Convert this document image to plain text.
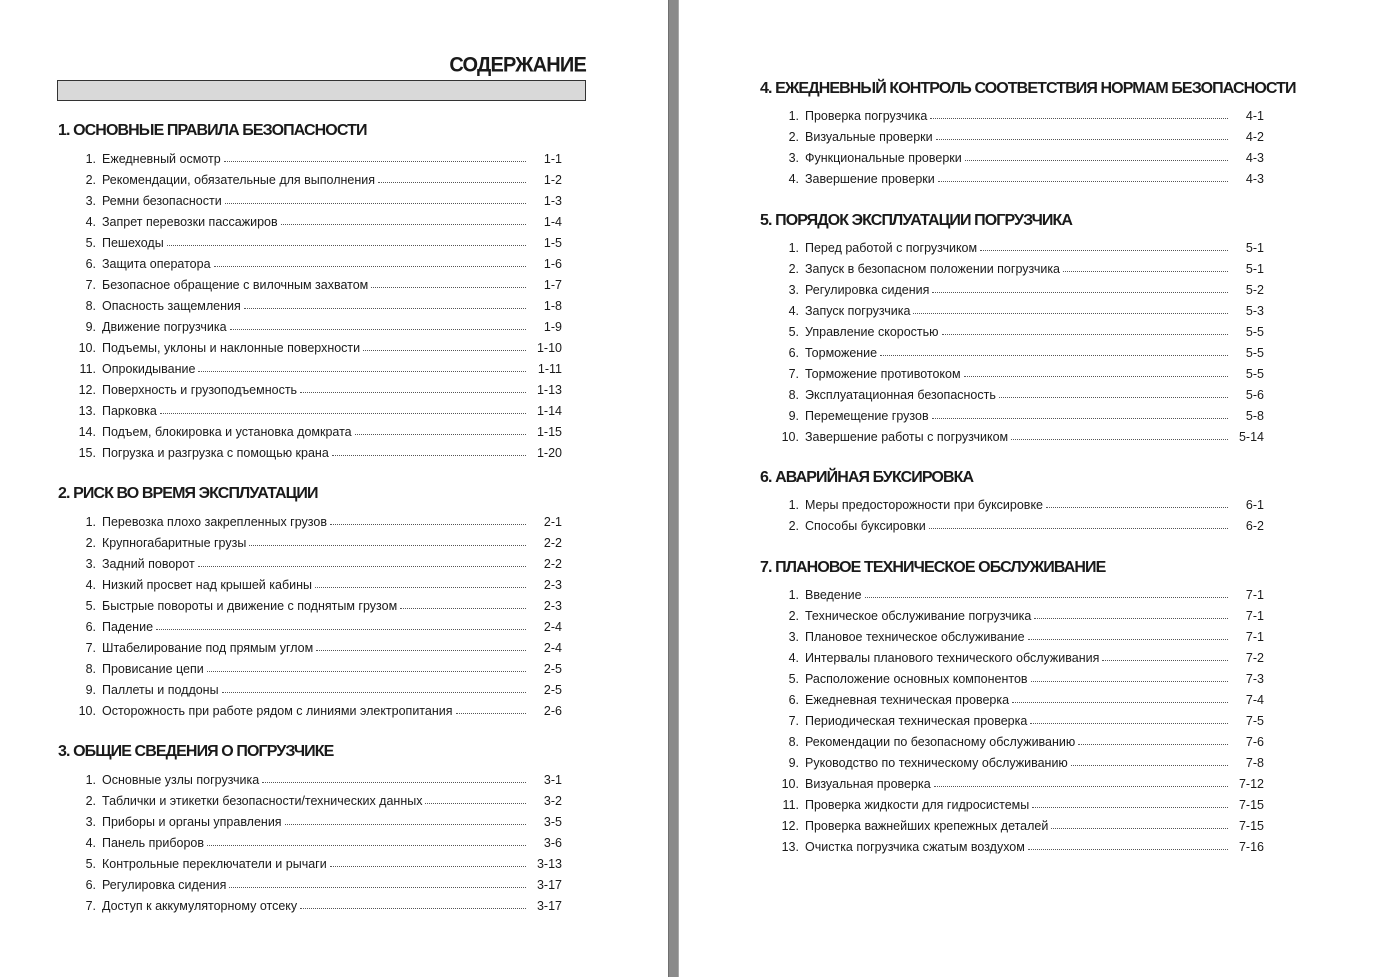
СОДЕРЖАНИЕ
1. ОСНОВНЫЕ ПРАВИЛА БЕЗОПАСНОСТИ
1. Ежедневный осмотр	1-1
2. Рекомендации, обязательные для выполнения	1-2
3. Ремни безопасности	1-3
4. Запрет перевозки пассажиров	1-4
5. Пешеходы	1-5
6. Защита оператора	1-6
7. Безопасное обращение с вилочным захватом	1-7
8. Опасность защемления	1-8
9. Движение погрузчика	1-9
10. Подъемы, уклоны и наклонные поверхности	1-10
11. Опрокидывание	1-11
12. Поверхность и грузоподъемность	1-13
13. Парковка	1-14
14. Подъем, блокировка и установка домкрата	1-15
15. Погрузка и разгрузка с помощью крана	1-20
2. РИСК ВО ВРЕМЯ ЭКСПЛУАТАЦИИ
1. Перевозка плохо закрепленных грузов	2-1
2. Крупногабаритные грузы	2-2
3. Задний поворот	2-2
4. Низкий просвет над крышей кабины	2-3
5. Быстрые повороты и движение с поднятым грузом	2-3
6. Падение	2-4
7. Штабелирование под прямым углом	2-4
8. Провисание цепи	2-5
9. Паллеты и поддоны	2-5
10. Осторожность при работе рядом с линиями электропитания	2-6
3. ОБЩИЕ СВЕДЕНИЯ О ПОГРУЗЧИКЕ
1. Основные узлы погрузчика	3-1
2. Таблички и этикетки безопасности/технических данных	3-2
3. Приборы и органы управления	3-5
4. Панель приборов	3-6
5. Контрольные переключатели и рычаги	3-13
6. Регулировка сидения	3-17
7. Доступ к аккумуляторному отсеку	3-17
4. ЕЖЕДНЕВНЫЙ КОНТРОЛЬ СООТВЕТСТВИЯ НОРМАМ БЕЗОПАСНОСТИ
1. Проверка погрузчика	4-1
2. Визуальные проверки	4-2
3. Функциональные проверки	4-3
4. Завершение проверки	4-3
5. ПОРЯДОК ЭКСПЛУАТАЦИИ ПОГРУЗЧИКА
1. Перед работой с погрузчиком	5-1
2. Запуск в безопасном положении погрузчика	5-1
3. Регулировка сидения	5-2
4. Запуск погрузчика	5-3
5. Управление скоростью	5-5
6. Торможение	5-5
7. Торможение противотоком	5-5
8. Эксплуатационная безопасность	5-6
9. Перемещение грузов	5-8
10. Завершение работы с погрузчиком	5-14
6. АВАРИЙНАЯ БУКСИРОВКА
1. Меры предосторожности при буксировке	6-1
2. Способы буксировки	6-2
7. ПЛАНОВОЕ ТЕХНИЧЕСКОЕ ОБСЛУЖИВАНИЕ
1. Введение	7-1
2. Техническое обслуживание погрузчика	7-1
3. Плановое техническое обслуживание	7-1
4. Интервалы планового технического обслуживания	7-2
5. Расположение основных компонентов	7-3
6. Ежедневная техническая проверка	7-4
7. Периодическая техническая проверка	7-5
8. Рекомендации по безопасному обслуживанию	7-6
9. Руководство по техническому обслуживанию	7-8
10. Визуальная проверка	7-12
11. Проверка жидкости для гидросистемы	7-15
12. Проверка важнейших крепежных деталей	7-15
13. Очистка погрузчика сжатым воздухом	7-16
